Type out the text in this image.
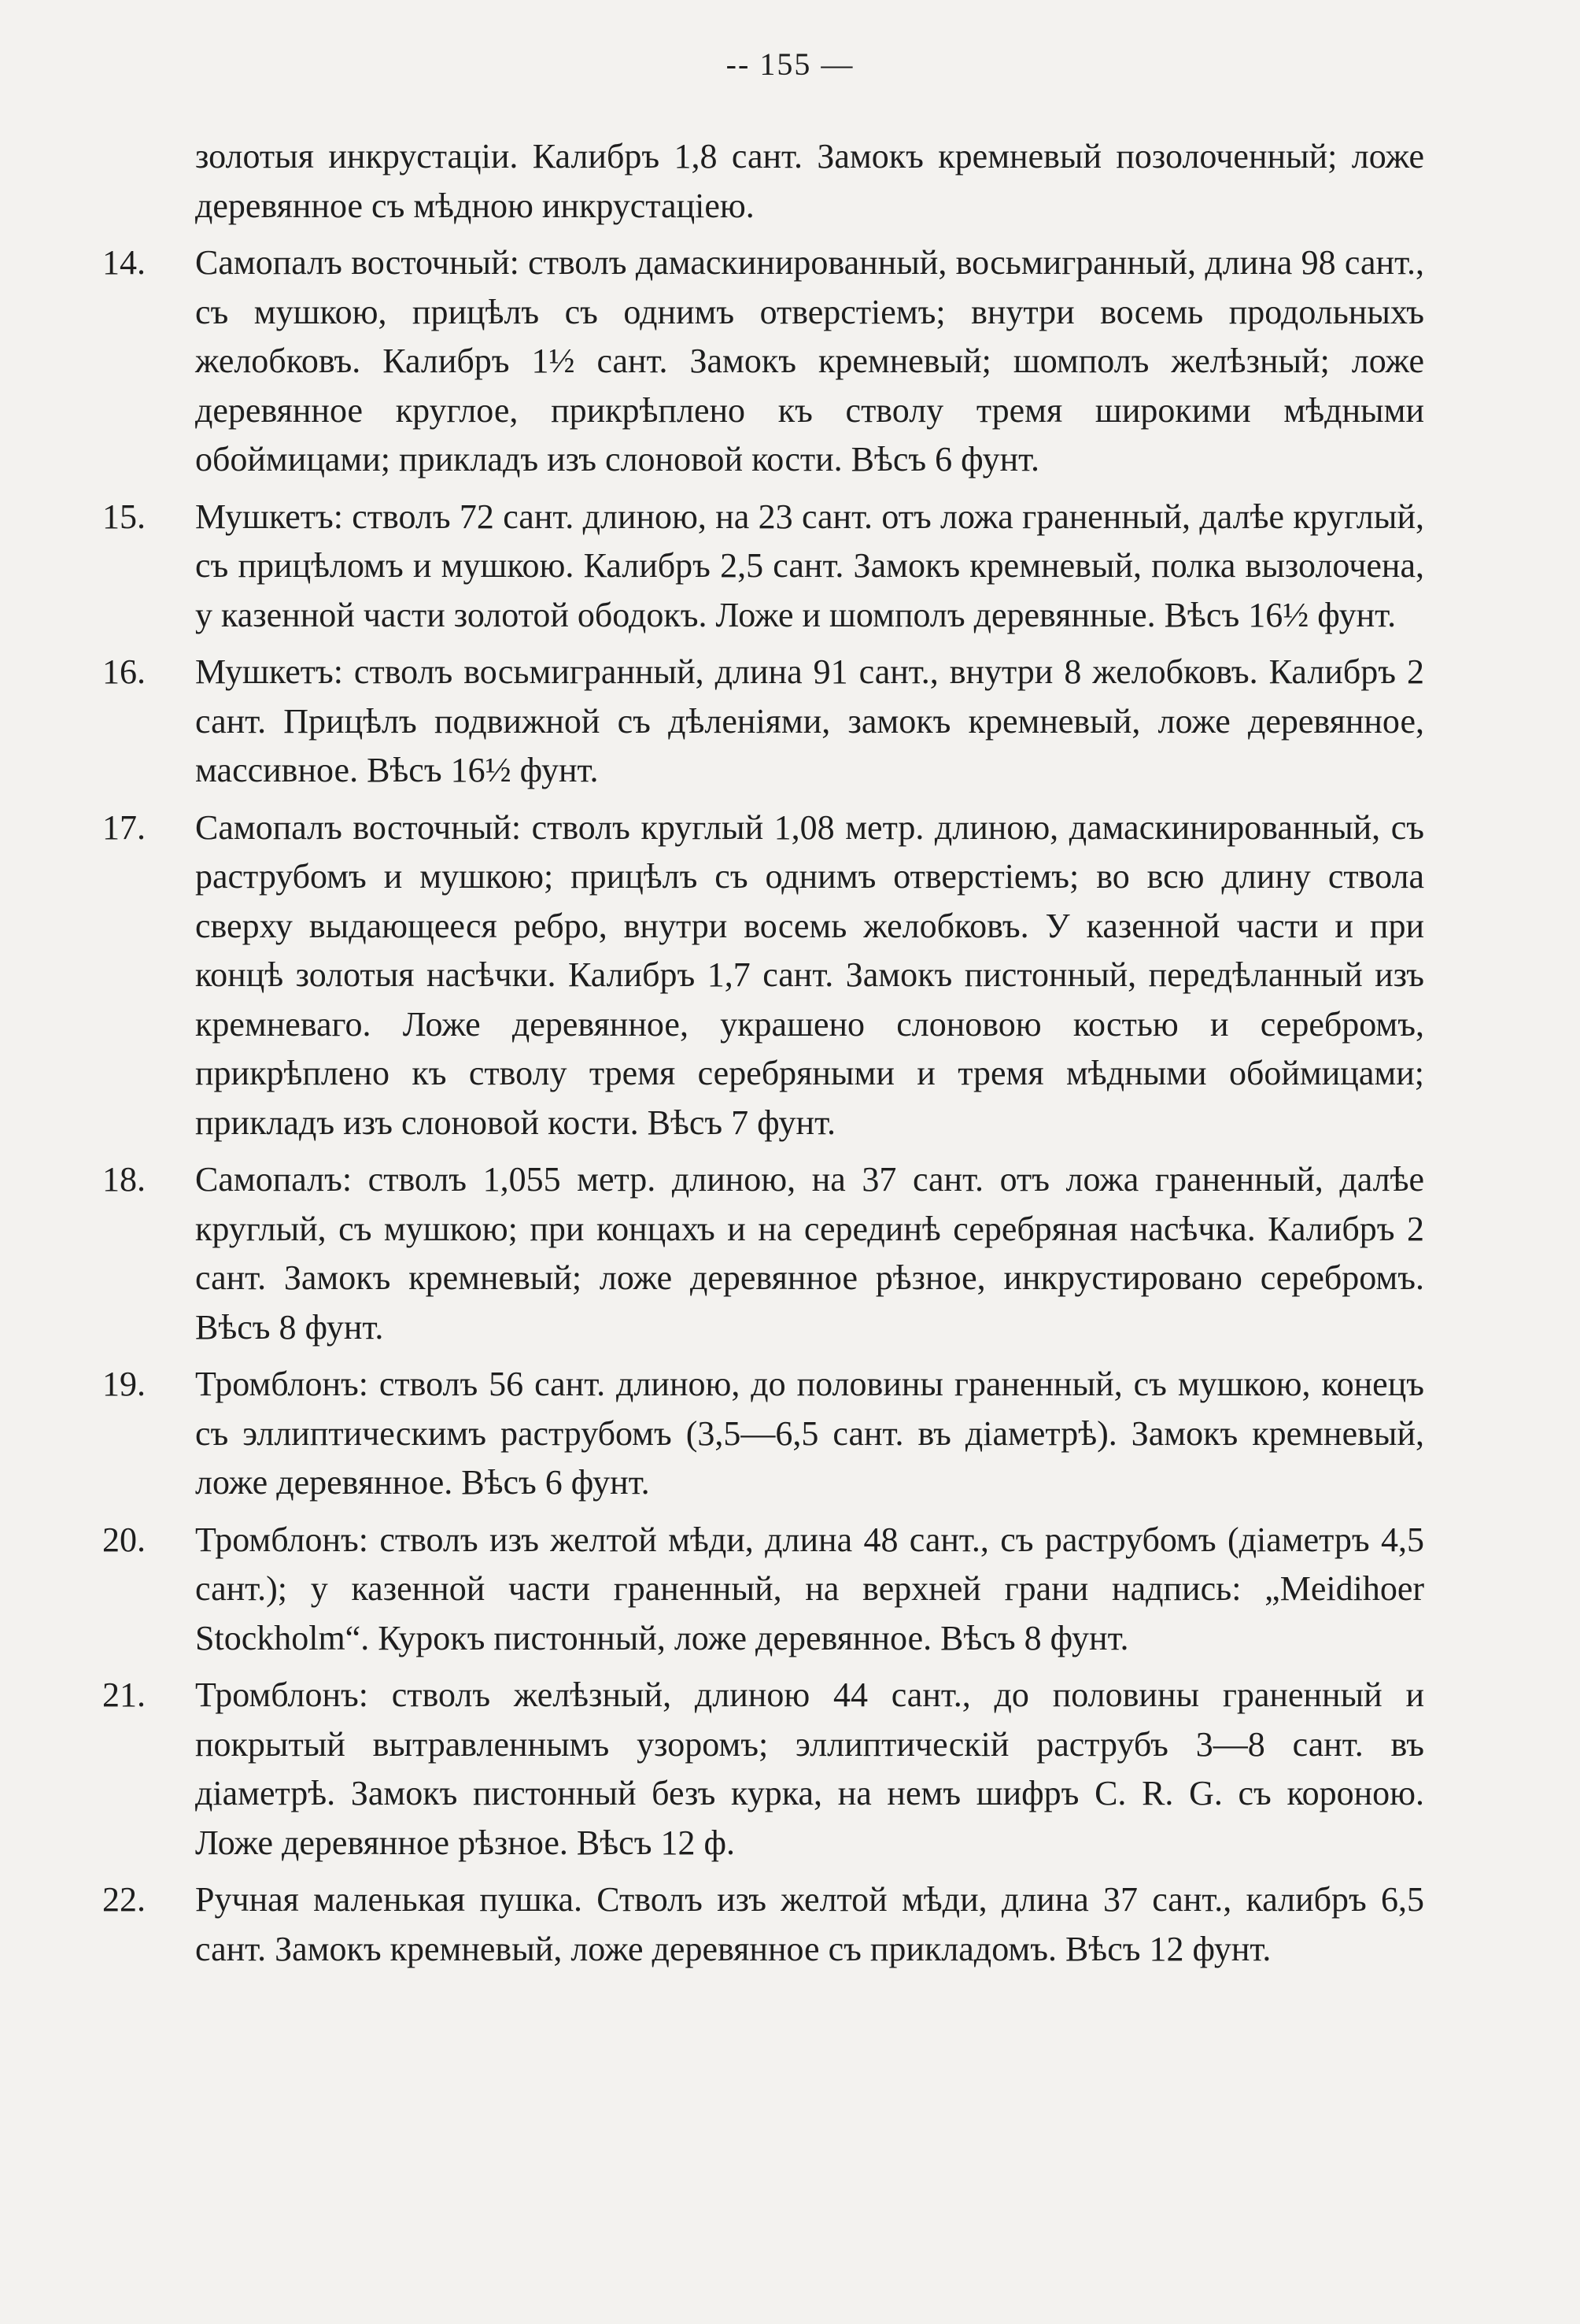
-- 155 —

золотыя инкрустаціи. Калибръ 1,8 сант. Замокъ кремневый позолоченный; ложе деревянное съ мѣдною инкрустаціею.

14.	Самопалъ восточный: стволъ дамаскинированный, восьмигранный, длина 98 сант., съ мушкою, прицѣлъ съ однимъ отверстіемъ; внутри восемь продольныхъ желобковъ. Калибръ 1½ сант. Замокъ кремневый; шомполъ желѣзный; ложе деревянное круглое, прикрѣплено къ стволу тремя широкими мѣдными обоймицами; прикладъ изъ слоновой кости. Вѣсъ 6 фунт.
15.	Мушкетъ: стволъ 72 сант. длиною, на 23 сант. отъ ложа граненный, далѣе круглый, съ прицѣломъ и мушкою. Калибръ 2,5 сант. Замокъ кремневый, полка вызолочена, у казенной части золотой ободокъ. Ложе и шомполъ деревянные. Вѣсъ 16½ фунт.
16.	Мушкетъ: стволъ восьмигранный, длина 91 сант., внутри 8 желобковъ. Калибръ 2 сант. Прицѣлъ подвижной съ дѣленіями, замокъ кремневый, ложе деревянное, массивное. Вѣсъ 16½ фунт.
17.	Самопалъ восточный: стволъ круглый 1,08 метр. длиною, дамаскинированный, съ раструбомъ и мушкою; прицѣлъ съ однимъ отверстіемъ; во всю длину ствола сверху выдающееся ребро, внутри восемь желобковъ. У казенной части и при концѣ золотыя насѣчки. Калибръ 1,7 сант. Замокъ пистонный, передѣланный изъ кремневаго. Ложе деревянное, украшено слоновою костью и серебромъ, прикрѣплено къ стволу тремя серебряными и тремя мѣдными обоймицами; прикладъ изъ слоновой кости. Вѣсъ 7 фунт.
18.	Самопалъ: стволъ 1,055 метр. длиною, на 37 сант. отъ ложа граненный, далѣе круглый, съ мушкою; при концахъ и на серединѣ серебряная насѣчка. Калибръ 2 сант. Замокъ кремневый; ложе деревянное рѣзное, инкрустировано серебромъ. Вѣсъ 8 фунт.
19.	Тромблонъ: стволъ 56 сант. длиною, до половины граненный, съ мушкою, конецъ съ эллиптическимъ раструбомъ (3,5—6,5 сант. въ діаметрѣ). Замокъ кремневый, ложе деревянное. Вѣсъ 6 фунт.
20.	Тромблонъ: стволъ изъ желтой мѣди, длина 48 сант., съ раструбомъ (діаметръ 4,5 сант.); у казенной части граненный, на верхней грани надпись: „Meidihoer Stockholm“. Курокъ пистонный, ложе деревянное. Вѣсъ 8 фунт.
21.	Тромблонъ: стволъ желѣзный, длиною 44 сант., до половины граненный и покрытый вытравленнымъ узоромъ; эллиптическій раструбъ 3—8 сант. въ діаметрѣ. Замокъ пистонный безъ курка, на немъ шифръ С. R. G. съ короною. Ложе деревянное рѣзное. Вѣсъ 12 ф.
22.	Ручная маленькая пушка. Стволъ изъ желтой мѣди, длина 37 сант., калибръ 6,5 сант. Замокъ кремневый, ложе деревянное съ прикладомъ. Вѣсъ 12 фунт.
